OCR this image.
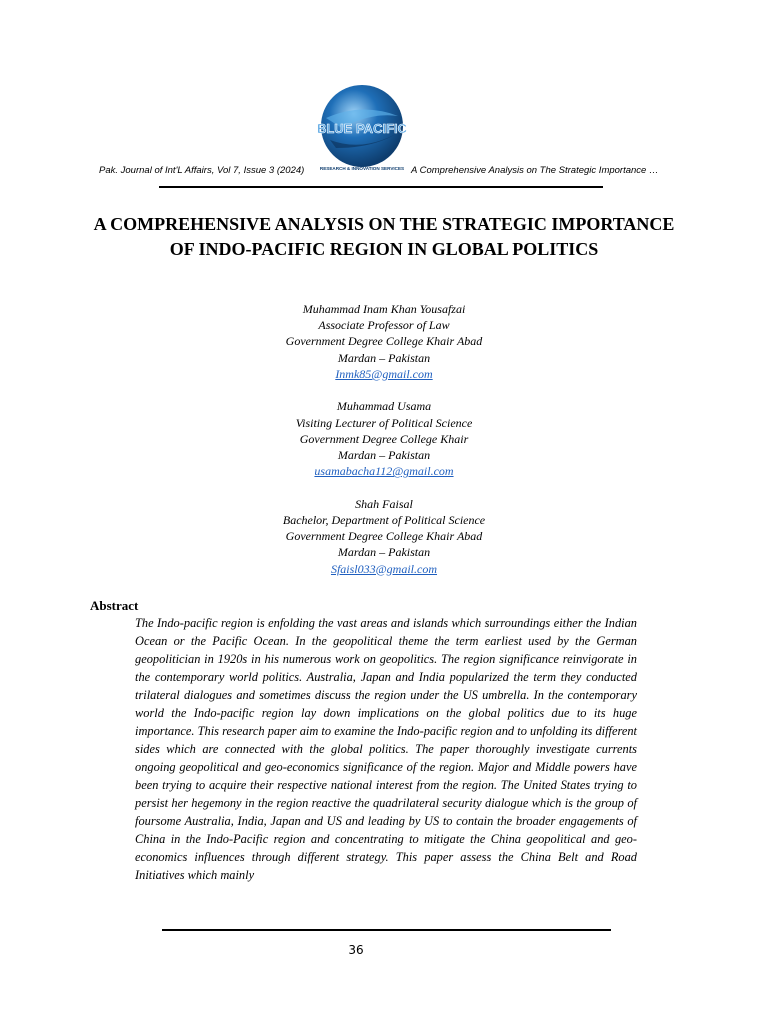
BLUE PACIFIC
RESEARCH & INNOVATION SERVICES
Pak. Journal of Int'L Affairs, Vol 7, Issue 3 (2024)	A Comprehensive Analysis on The Strategic Importance …
A COMPREHENSIVE ANALYSIS ON THE STRATEGIC IMPORTANCE OF INDO-PACIFIC REGION IN GLOBAL POLITICS
Muhammad Inam Khan Yousafzai
Associate Professor of Law
Government Degree College Khair Abad
Mardan – Pakistan
Inmk85@gmail.com
Muhammad Usama
Visiting Lecturer of Political Science
Government Degree College Khair
Mardan – Pakistan
usamabacha112@gmail.com
Shah Faisal
Bachelor, Department of Political Science
Government Degree College Khair Abad
Mardan – Pakistan
Sfaisl033@gmail.com
Abstract
The Indo-pacific region is enfolding the vast areas and islands which surroundings either the Indian Ocean or the Pacific Ocean. In the geopolitical theme the term earliest used by the German geopolitician in 1920s in his numerous work on geopolitics. The region significance reinvigorate in the contemporary world politics. Australia, Japan and India popularized the term they conducted trilateral dialogues and sometimes discuss the region under the US umbrella. In the contemporary world the Indo-pacific region lay down implications on the global politics due to its huge importance. This research paper aim to examine the Indo-pacific region and to unfolding its different sides which are connected with the global politics. The paper thoroughly investigate currents ongoing geopolitical and geo-economics significance of the region. Major and Middle powers have been trying to acquire their respective national interest from the region. The United States trying to persist her hegemony in the region reactive the quadrilateral security dialogue which is the group of foursome Australia, India, Japan and US and leading by US to contain the broader engagements of China in the Indo-Pacific region and concentrating to mitigate the China geopolitical and geo-economics influences through different strategy. This paper assess the China Belt and Road Initiatives which mainly
36
